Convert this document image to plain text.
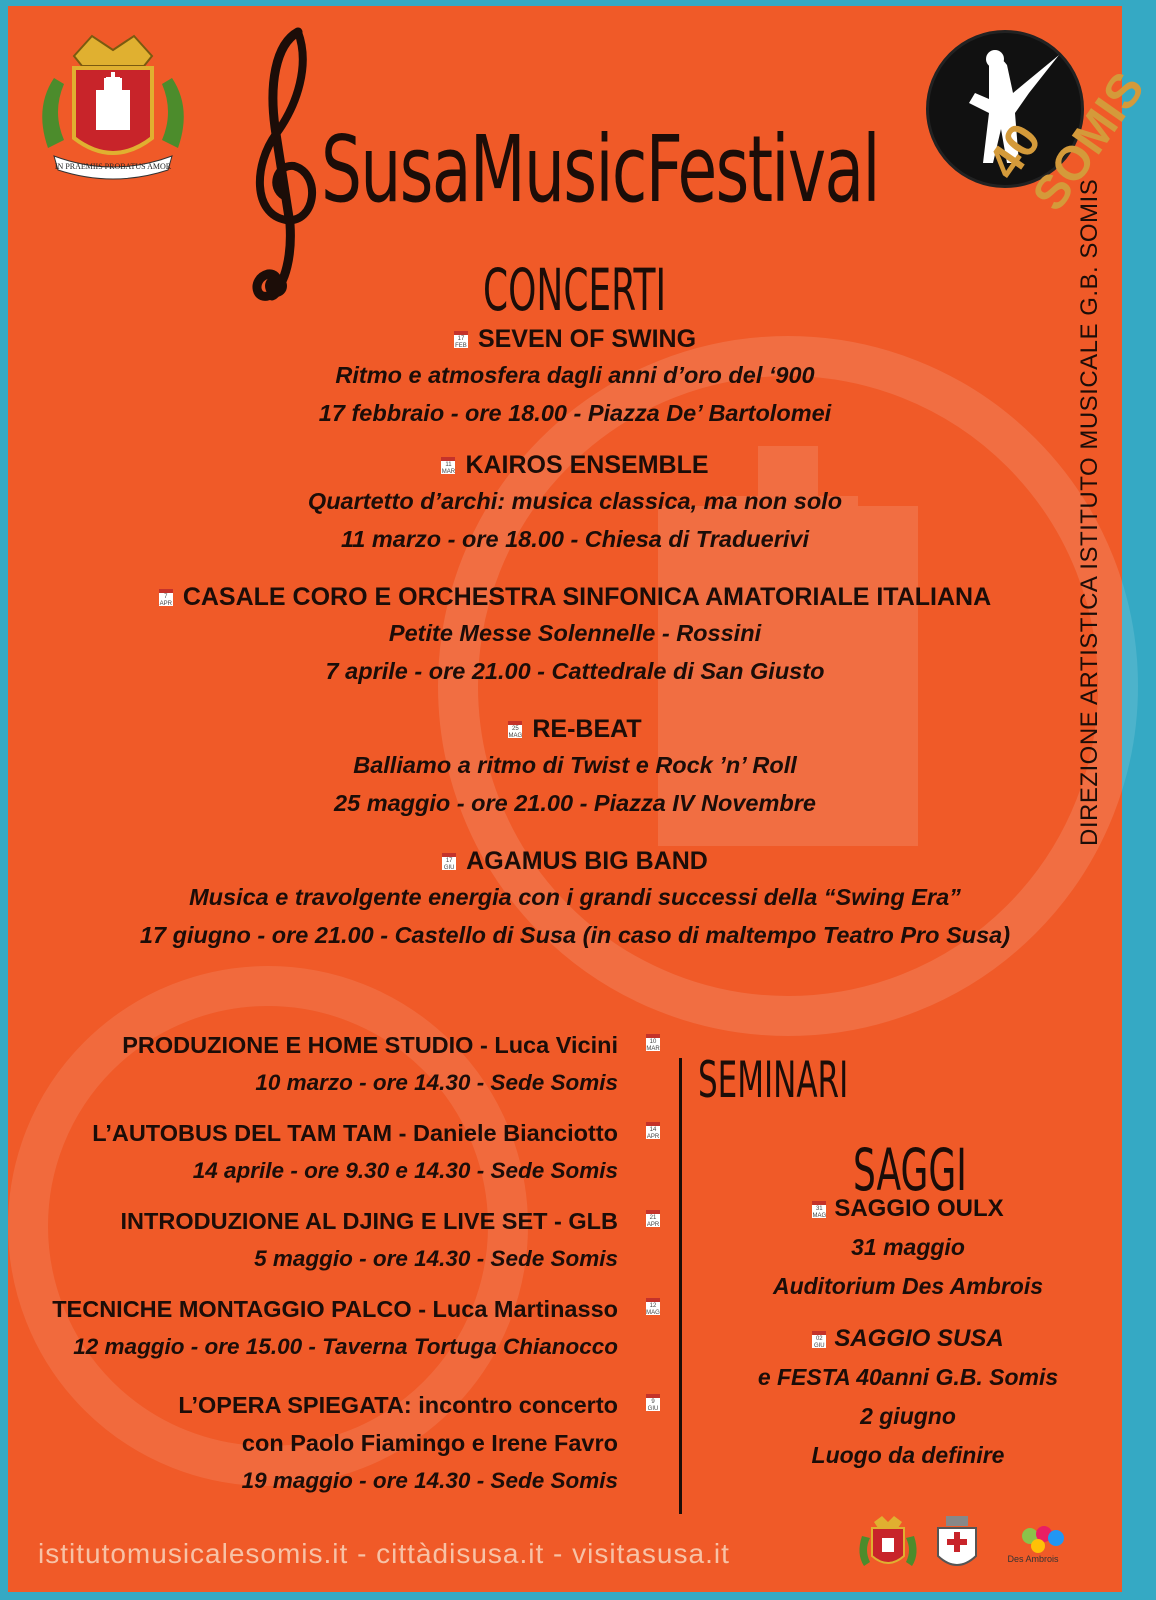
IN PRAEMIIS PROBATUS AMOR SusaMusicFestival 40 SOMIS
CONCERTI
17 FEB SEVEN OF SWING
Ritmo e atmosfera dagli anni d’oro del ‘900
17 febbraio - ore 18.00 - Piazza De’ Bartolomei
11 MAR KAIROS ENSEMBLE
Quartetto d’archi: musica classica, ma non solo
11 marzo - ore 18.00 - Chiesa di Traduerivi
7 APR CASALE CORO E ORCHESTRA SINFONICA AMATORIALE ITALIANA
Petite Messe Solennelle - Rossini
7 aprile - ore 21.00 - Cattedrale di San Giusto
25 MAG RE-BEAT
Balliamo a ritmo di Twist e Rock ’n’ Roll
25 maggio - ore 21.00 - Piazza IV Novembre
17 GIU AGAMUS BIG BAND
Musica e travolgente energia con i grandi successi della “Swing Era”
17 giugno - ore 21.00 - Castello di Susa (in caso di maltempo Teatro Pro Susa)
DIREZIONE ARTISTICA ISTITUTO MUSICALE G.B. SOMIS
PRODUZIONE E HOME STUDIO - Luca Vicini
10 marzo - ore 14.30 - Sede Somis
10 MAR
L’AUTOBUS DEL TAM TAM - Daniele Bianciotto
14 aprile - ore 9.30 e 14.30 - Sede Somis
14 APR
INTRODUZIONE AL DJING E LIVE SET - GLB
5 maggio - ore 14.30 - Sede Somis
21 APR
TECNICHE MONTAGGIO PALCO - Luca Martinasso
12 maggio - ore 15.00 - Taverna Tortuga Chianocco
12 MAG
L’OPERA SPIEGATA: incontro concerto
con Paolo Fiamingo e Irene Favro
19 maggio - ore 14.30 - Sede Somis
9 GIU
SEMINARI
SAGGI
31 MAG SAGGIO OULX
31 maggio
Auditorium Des Ambrois
02 GIU SAGGIO SUSA
e FESTA 40anni G.B. Somis
2 giugno
Luogo da definire
istitutomusicalesomis.it - cittàdisusa.it - visitasusa.it	Des Ambrois
